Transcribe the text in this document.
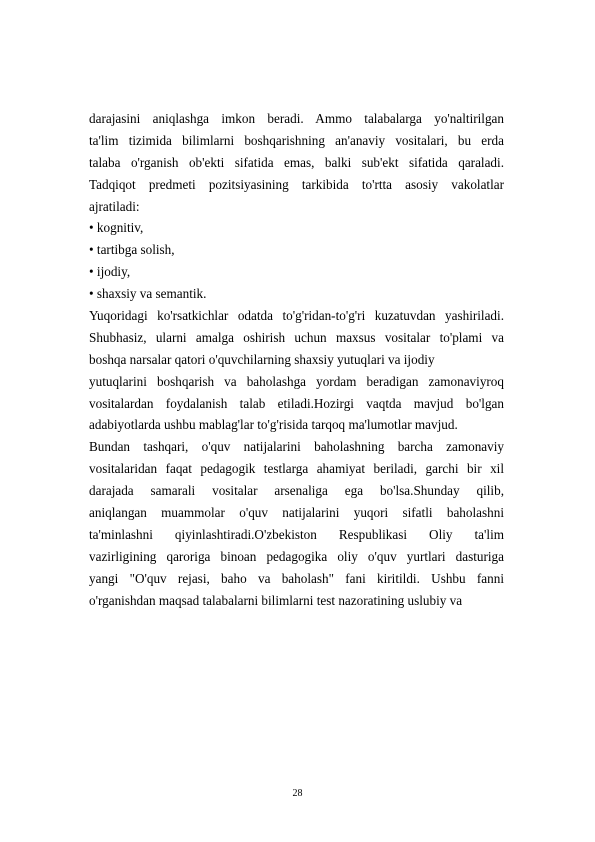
darajasini aniqlashga imkon beradi. Ammo talabalarga yo'naltirilgan
ta'lim tizimida bilimlarni boshqarishning an'anaviy vositalari, bu erda
talaba o'rganish ob'ekti sifatida emas, balki sub'ekt sifatida qaraladi.
Tadqiqot predmeti pozitsiyasining tarkibida to'rtta asosiy vakolatlar
ajratiladi:
• kognitiv,
• tartibga solish,
• ijodiy,
• shaxsiy va semantik.
Yuqoridagi ko'rsatkichlar odatda to'g'ridan-to'g'ri kuzatuvdan yashiriladi.
Shubhasiz, ularni amalga oshirish uchun maxsus vositalar to'plami va
boshqa narsalar qatori o'quvchilarning shaxsiy yutuqlari va ijodiy
yutuqlarini boshqarish va baholashga yordam beradigan zamonaviyroq
vositalardan foydalanish talab etiladi.Hozirgi vaqtda mavjud bo'lgan
adabiyotlarda ushbu mablag'lar to'g'risida tarqoq ma'lumotlar mavjud.
Bundan tashqari, o'quv natijalarini baholashning barcha zamonaviy
vositalaridan faqat pedagogik testlarga ahamiyat beriladi, garchi bir xil
darajada samarali vositalar arsenaliga ega bo'lsa.Shunday qilib,
aniqlangan muammolar o'quv natijalarini yuqori sifatli baholashni
ta'minlashni qiyinlashtiradi.O'zbekiston Respublikasi Oliy ta'lim
vazirligining qaroriga binoan pedagogika oliy o'quv yurtlari dasturiga
yangi "O'quv rejasi, baho va baholash" fani kiritildi. Ushbu fanni
o'rganishdan maqsad talabalarni bilimlarni test nazoratining uslubiy va
28
